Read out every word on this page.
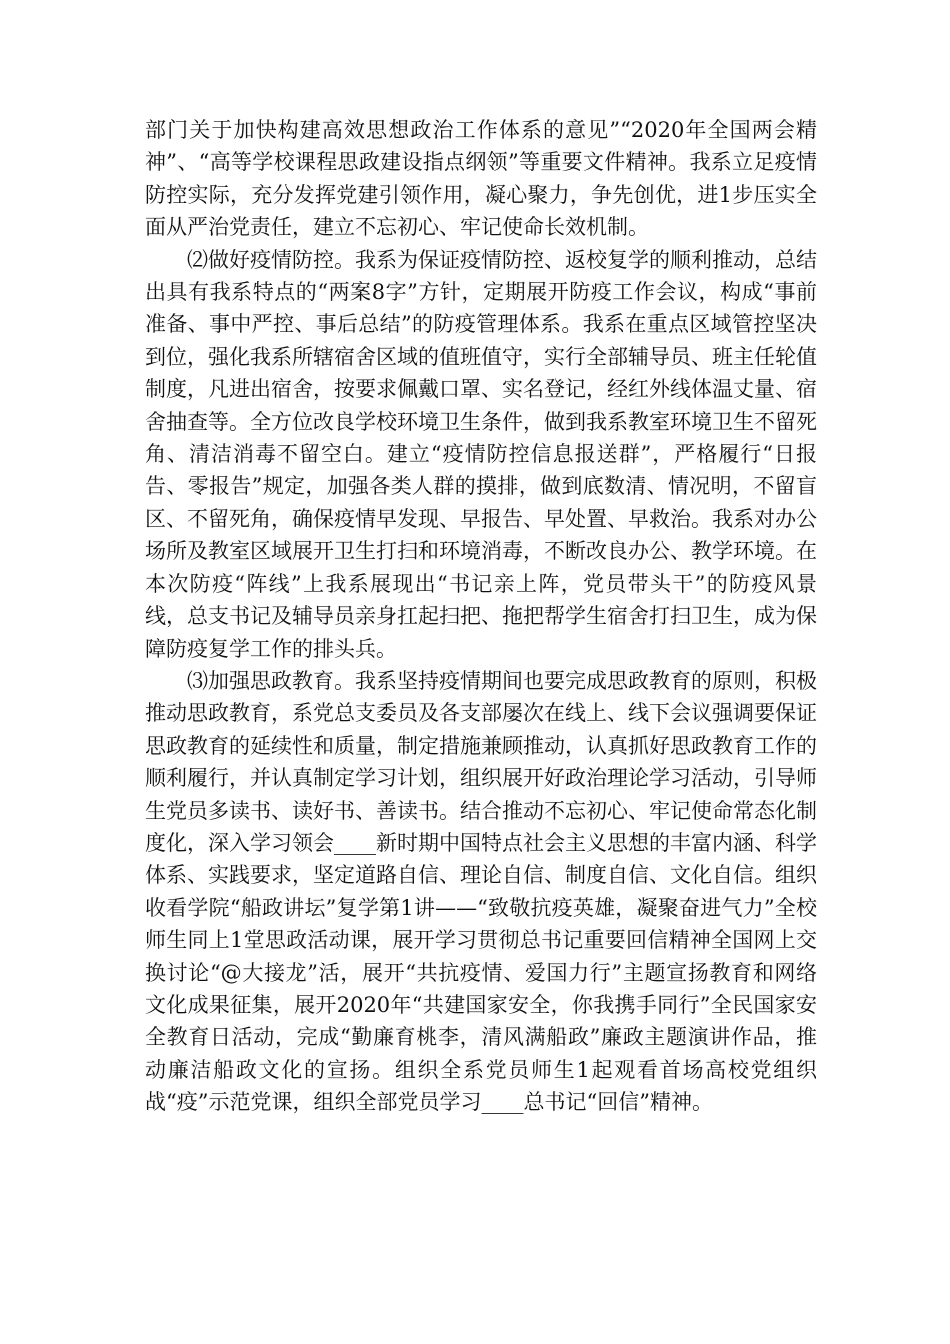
部门关于加快构建高效思想政治工作体系的意见”“2020年全国两会精神”、“高等学校课程思政建设指点纲领”等重要文件精神。我系立足疫情防控实际，充分发挥党建引领作用，凝心聚力，争先创优，进1步压实全面从严治党责任，建立不忘初心、牢记使命长效机制。

⑵做好疫情防控。我系为保证疫情防控、返校复学的顺利推动，总结出具有我系特点的“两案8字”方针，定期展开防疫工作会议，构成“事前准备、事中严控、事后总结”的防疫管理体系。我系在重点区域管控坚决到位，强化我系所辖宿舍区域的值班值守，实行全部辅导员、班主任轮值制度，凡进出宿舍，按要求佩戴口罩、实名登记，经红外线体温丈量、宿舍抽查等。全方位改良学校环境卫生条件，做到我系教室环境卫生不留死角、清洁消毒不留空白。建立“疫情防控信息报送群”，严格履行“日报告、零报告”规定，加强各类人群的摸排，做到底数清、情况明，不留盲区、不留死角，确保疫情早发现、早报告、早处置、早救治。我系对办公场所及教室区域展开卫生打扫和环境消毒，不断改良办公、教学环境。在本次防疫“阵线”上我系展现出“书记亲上阵，党员带头干”的防疫风景线，总支书记及辅导员亲身扛起扫把、拖把帮学生宿舍打扫卫生，成为保障防疫复学工作的排头兵。

⑶加强思政教育。我系坚持疫情期间也要完成思政教育的原则，积极推动思政教育，系党总支委员及各支部屡次在线上、线下会议强调要保证思政教育的延续性和质量，制定措施兼顾推动，认真抓好思政教育工作的顺利履行，并认真制定学习计划，组织展开好政治理论学习活动，引导师生党员多读书、读好书、善读书。结合推动不忘初心、牢记使命常态化制度化，深入学习领会____新时期中国特点社会主义思想的丰富内涵、科学体系、实践要求，坚定道路自信、理论自信、制度自信、文化自信。组织收看学院“船政讲坛”复学第1讲——“致敬抗疫英雄，凝聚奋进气力”全校师生同上1堂思政活动课，展开学习贯彻总书记重要回信精神全国网上交换讨论“@大接龙”活，展开“共抗疫情、爱国力行”主题宣扬教育和网络文化成果征集，展开2020年“共建国家安全，你我携手同行”全民国家安全教育日活动，完成“勤廉育桃李，清风满船政”廉政主题演讲作品，推动廉洁船政文化的宣扬。组织全系党员师生1起观看首场高校党组织战“疫”示范党课，组织全部党员学习____总书记“回信”精神。
